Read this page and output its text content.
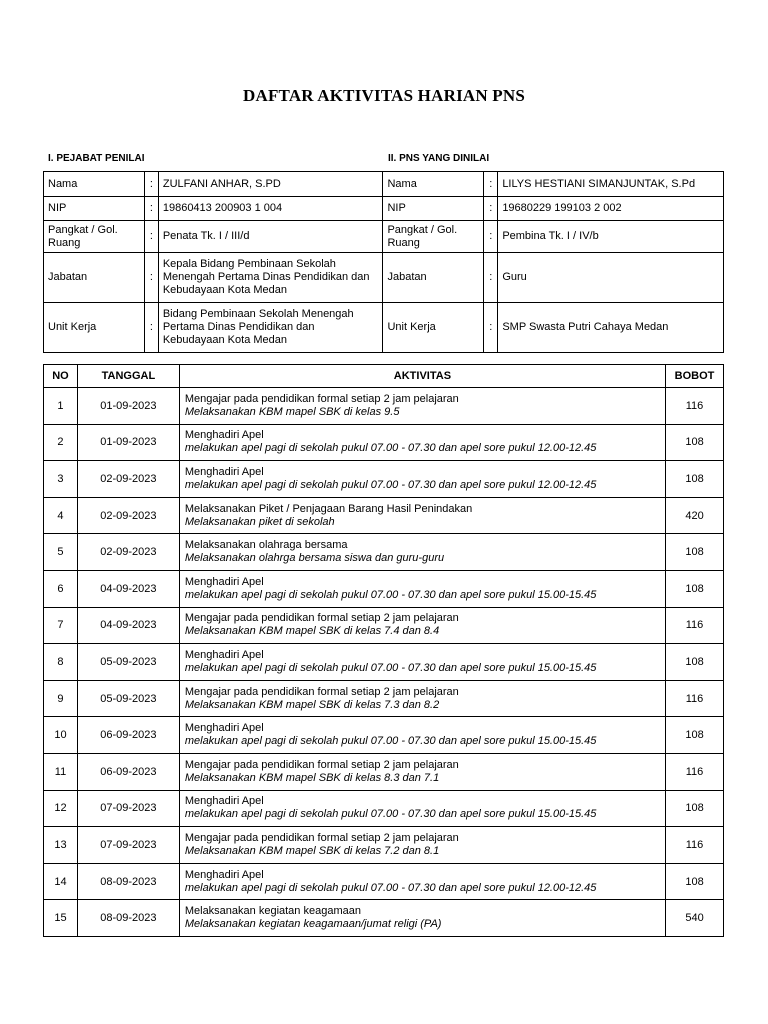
DAFTAR AKTIVITAS HARIAN PNS
I. PEJABAT PENILAI	II. PNS YANG DINILAI
Nama	:	ZULFANI ANHAR, S.PD	Nama	:	LILYS HESTIANI SIMANJUNTAK, S.Pd
NIP	:	19860413 200903 1 004	NIP	:	19680229 199103 2 002
Pangkat / Gol. Ruang	:	Penata Tk. I / III/d	Pangkat / Gol. Ruang	:	Pembina Tk. I / IV/b
Jabatan	:	Kepala Bidang Pembinaan Sekolah Menengah Pertama Dinas Pendidikan dan Kebudayaan Kota Medan	Jabatan	:	Guru
Unit Kerja	:	Bidang Pembinaan Sekolah Menengah Pertama Dinas Pendidikan dan Kebudayaan Kota Medan	Unit Kerja	:	SMP Swasta Putri Cahaya Medan
NO	TANGGAL	AKTIVITAS	BOBOT
1	01-09-2023	Mengajar pada pendidikan formal setiap 2 jam pelajaran
Melaksanakan KBM mapel SBK di kelas 9.5	116
2	01-09-2023	Menghadiri Apel
melakukan apel pagi di sekolah pukul 07.00 - 07.30 dan apel sore pukul 12.00-12.45	108
3	02-09-2023	Menghadiri Apel
melakukan apel pagi di sekolah pukul 07.00 - 07.30 dan apel sore pukul 12.00-12.45	108
4	02-09-2023	Melaksanakan Piket / Penjagaan Barang Hasil Penindakan
Melaksanakan piket di sekolah	420
5	02-09-2023	Melaksanakan olahraga bersama
Melaksanakan olahrga bersama siswa dan guru-guru	108
6	04-09-2023	Menghadiri Apel
melakukan apel pagi di sekolah pukul 07.00 - 07.30 dan apel sore pukul 15.00-15.45	108
7	04-09-2023	Mengajar pada pendidikan formal setiap 2 jam pelajaran
Melaksanakan KBM mapel SBK di kelas 7.4 dan 8.4	116
8	05-09-2023	Menghadiri Apel
melakukan apel pagi di sekolah pukul 07.00 - 07.30 dan apel sore pukul 15.00-15.45	108
9	05-09-2023	Mengajar pada pendidikan formal setiap 2 jam pelajaran
Melaksanakan KBM mapel SBK di kelas 7.3 dan 8.2	116
10	06-09-2023	Menghadiri Apel
melakukan apel pagi di sekolah pukul 07.00 - 07.30 dan apel sore pukul 15.00-15.45	108
11	06-09-2023	Mengajar pada pendidikan formal setiap 2 jam pelajaran
Melaksanakan KBM mapel SBK di kelas 8.3 dan 7.1	116
12	07-09-2023	Menghadiri Apel
melakukan apel pagi di sekolah pukul 07.00 - 07.30 dan apel sore pukul 15.00-15.45	108
13	07-09-2023	Mengajar pada pendidikan formal setiap 2 jam pelajaran
Melaksanakan KBM mapel SBK di kelas 7.2 dan 8.1	116
14	08-09-2023	Menghadiri Apel
melakukan apel pagi di sekolah pukul 07.00 - 07.30 dan apel sore pukul 12.00-12.45	108
15	08-09-2023	Melaksanakan kegiatan keagamaan
Melaksanakan kegiatan keagamaan/jumat religi (PA)	540
